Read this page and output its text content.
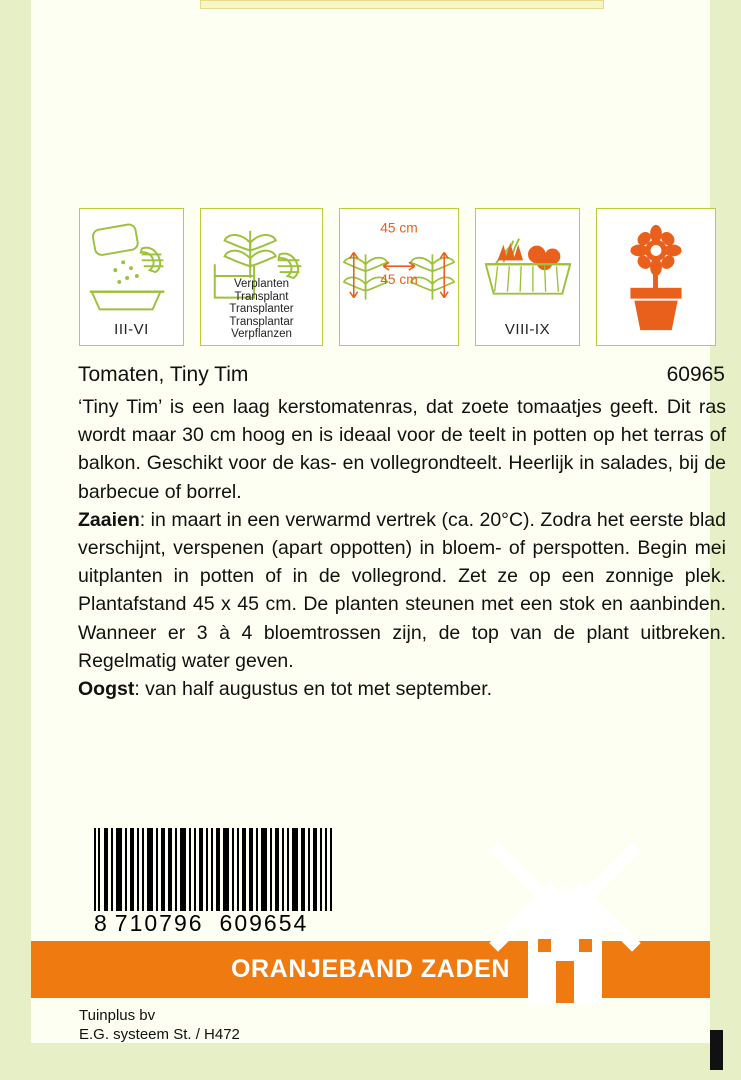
III-VI
Verplanten
Transplant
Transplanter
Transplantar
Verpflanzen
45 cm
45 cm
VIII-IX
Tomaten, Tiny Tim	60965

‘Tiny Tim’ is een laag kerstomatenras, dat zoete tomaatjes geeft. Dit ras wordt maar 30 cm hoog en is ideaal voor de teelt in potten op het terras of balkon. Geschikt voor de kas- en vollegrondteelt. Heerlijk in salades, bij de barbecue of borrel.

Zaaien: in maart in een verwarmd vertrek (ca. 20°C). Zodra het eerste blad verschijnt, verspenen (apart oppotten) in bloem- of perspotten. Begin mei uitplanten in potten of in de vollegrond. Zet ze op een zonnige plek. Plantafstand 45 x 45 cm. De planten steunen met een stok en aanbinden. Wanneer er 3 à 4 bloemtrossen zijn, de top van de plant uitbreken. Regelmatig water geven.

Oogst: van half augustus en tot met september.

8 710796 609654
Tuinplus bv
E.G. systeem St. / H472
ORANJEBAND ZADEN
